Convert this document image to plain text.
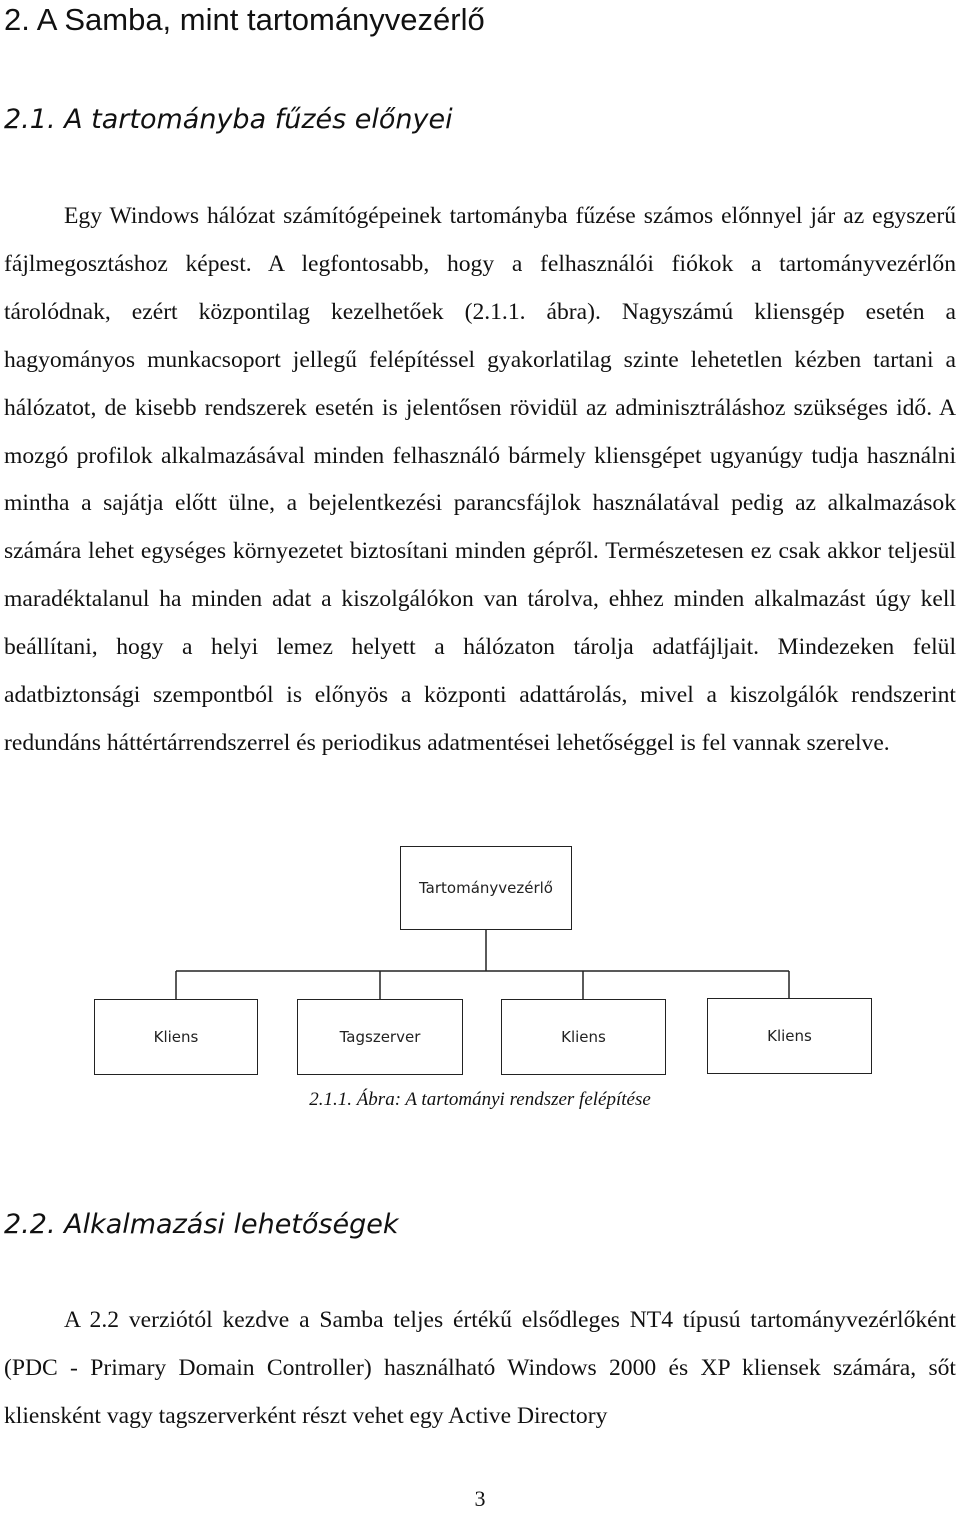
2. A Samba, mint tartományvezérlő
2.1. A tartományba fűzés előnyei

Egy Windows hálózat számítógépeinek tartományba fűzése számos előnnyel jár az egyszerű fájlmegosztáshoz képest. A legfontosabb, hogy a felhasználói fiókok a tartományvezérlőn tárolódnak, ezért központilag kezelhetőek (2.1.1. ábra). Nagyszámú kliensgép esetén a hagyományos munkacsoport jellegű felépítéssel gyakorlatilag szinte lehetetlen kézben tartani a hálózatot, de kisebb rendszerek esetén is jelentősen rövidül az adminisztráláshoz szükséges idő. A mozgó profilok alkalmazásával minden felhasználó bármely kliensgépet ugyanúgy tudja használni mintha a sajátja előtt ülne, a bejelentkezési parancsfájlok használatával pedig az alkalmazások számára lehet egységes környezetet biztosítani minden gépről. Természetesen ez csak akkor teljesül maradéktalanul ha minden adat a kiszolgálókon van tárolva, ehhez minden alkalmazást úgy kell beállítani, hogy a helyi lemez helyett a hálózaton tárolja adatfájljait. Mindezeken felül adatbiztonsági szempontból is előnyös a központi adattárolás, mivel a kiszolgálók rendszerint redundáns háttértárrendszerrel és periodikus adatmentései lehetőséggel is fel vannak szerelve.

Tartományvezérlő
Kliens	Tagszerver	Kliens	Kliens
2.1.1. Ábra: A tartományi rendszer felépítése
2.2. Alkalmazási lehetőségek

A 2.2 verziótól kezdve a Samba teljes értékű elsődleges NT4 típusú tartományvezérlőként (PDC - Primary Domain Controller) használható Windows 2000 és XP kliensek számára, sőt kliensként vagy tagszerverként részt vehet egy Active Directory

3
